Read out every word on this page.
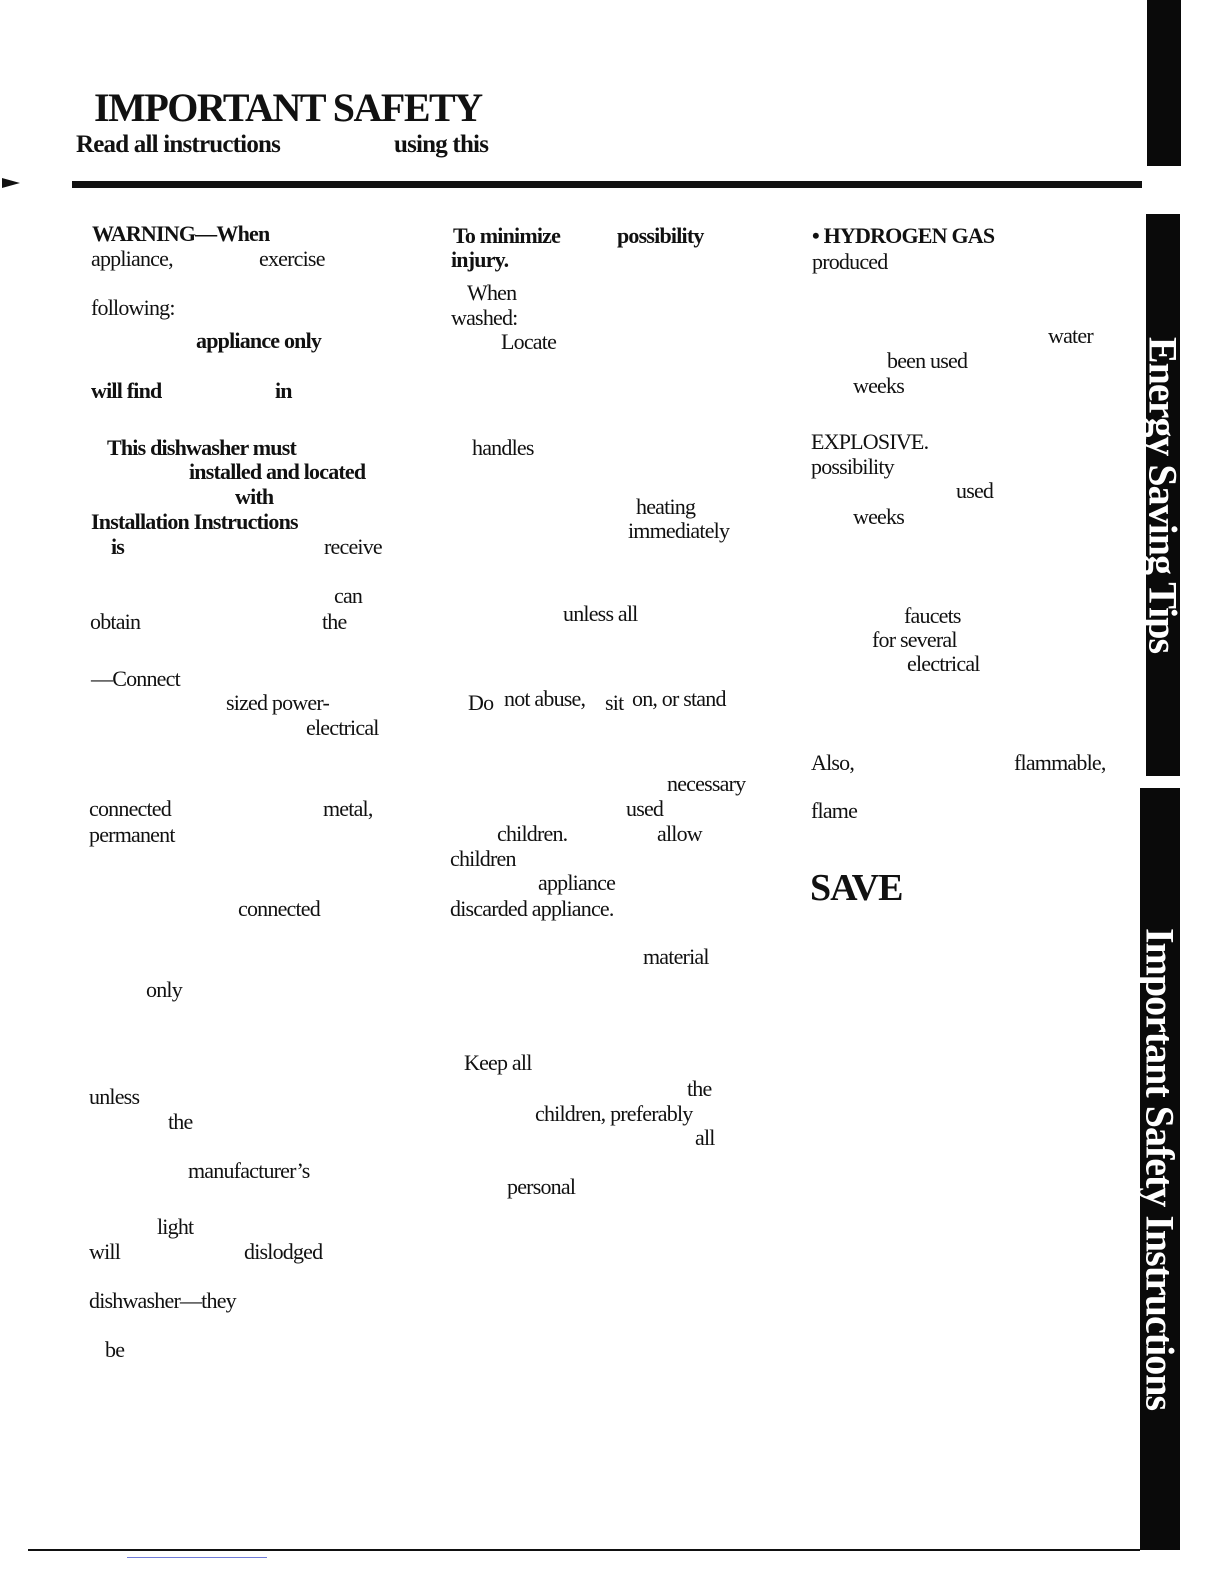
IMPORTANT SAFETY
Read all instructions	using this
Energy Saving Tips
Important Safety Instructions
WARNING—When
appliance,	exercise
following:
appliance only
will find	in
This dishwasher must
installed and located
with
Installation Instructions
is	receive
can
obtain	the
—Connect
sized power-
electrical
connected	metal,
permanent
connected
only
unless
the
manufacturer’s
light
will	dislodged
dishwasher—they
be
To minimize	possibility
injury.
When
washed:
Locate
handles
heating
immediately
unless all
Do not abuse, sit on, or stand
necessary
used
children.	allow
children
appliance
discarded appliance.
material
Keep all
the
children, preferably
all
personal
• HYDROGEN GAS
produced
water
been used
weeks
EXPLOSIVE.
possibility
used
weeks
faucets
for several
electrical
Also,	flammable,
flame
SAVE
